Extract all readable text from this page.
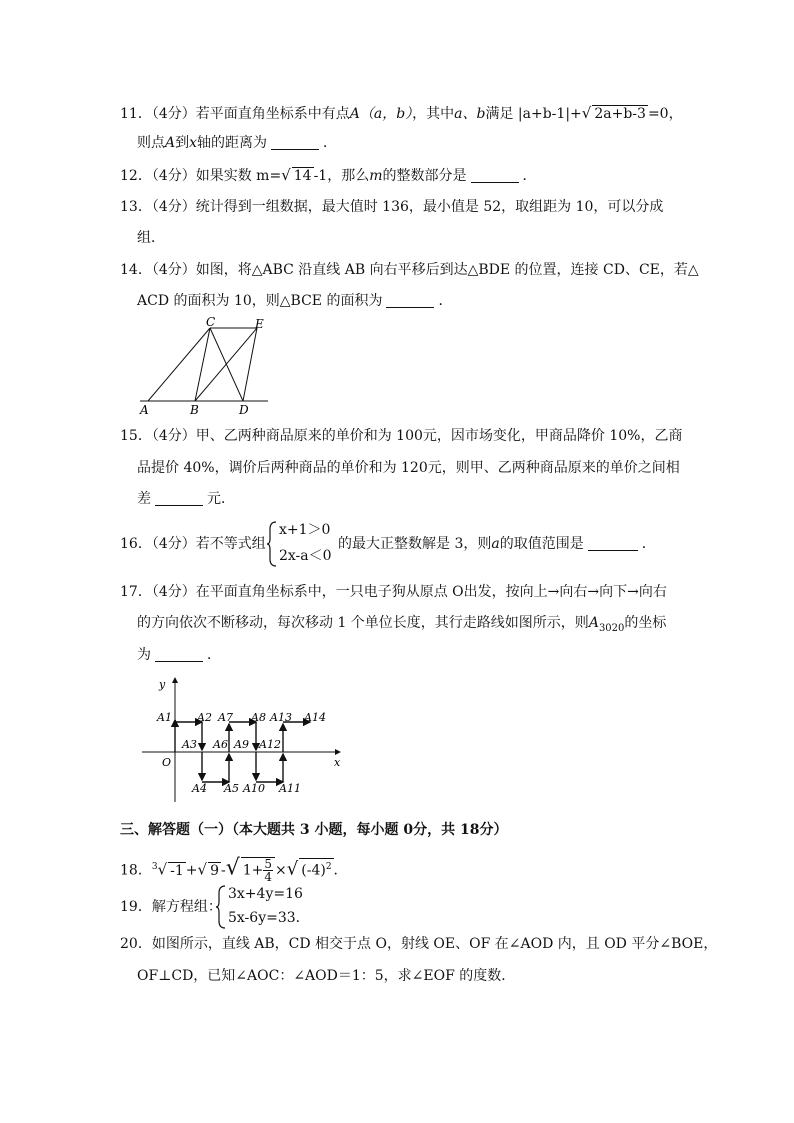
11．（4分）若平面直角坐标系中有点A（a，b），其中a、b满足 |a+b-1|+√ 2a+b-3 =0，
则点A到x轴的距离为	．
12．（4分）如果实数 m=√ 14 -1，那么m的整数部分是	．
13．（4分）统计得到一组数据，最大值时 136，最小值是 52，取组距为 10，可以分成
组．
14．（4分）如图，将△ABC 沿直线 AB 向右平移后到达△BDE 的位置，连接 CD、CE，若△
ACD 的面积为 10，则△BCE 的面积为	．
A	B	D
C	E
15．（4分）甲、乙两种商品原来的单价和为 100元，因市场变化，甲商品降价 10%，乙商
品提价 40%，调价后两种商品的单价和为 120元，则甲、乙两种商品原来的单价之间相
差	元．
16．（4分）若不等式组
x+1＞0
2x-a＜0
的最大正整数解是 3，则a的取值范围是	．
17．（4分）在平面直角坐标系中，一只电子狗从原点 O出发，按向上→向右→向下→向右
的方向依次不断移动，每次移动 1 个单位长度，其行走路线如图所示，则$A_{3020}$的坐标
为	．
x
y
O
A1 A2
A3
A4 A5
A6
A7 A8
A9
A10 A11
A12
A13 A14
三、解答题（一）（本大题共 3 小题，每小题 0分，共 18分）
18．$^3$√ -1 +√ 9 -√ $1+ \frac{5}{4}$ ×√ $(-4)^2$ ．
19．解方程组：
3x+4y=16
5x-6y=33．
20．如图所示，直线 AB，CD 相交于点 O，射线 OE、OF 在∠AOD 内，且 OD 平分∠BOE，
OF⊥CD，已知∠AOC：∠AOD＝1：5，求∠EOF 的度数．
